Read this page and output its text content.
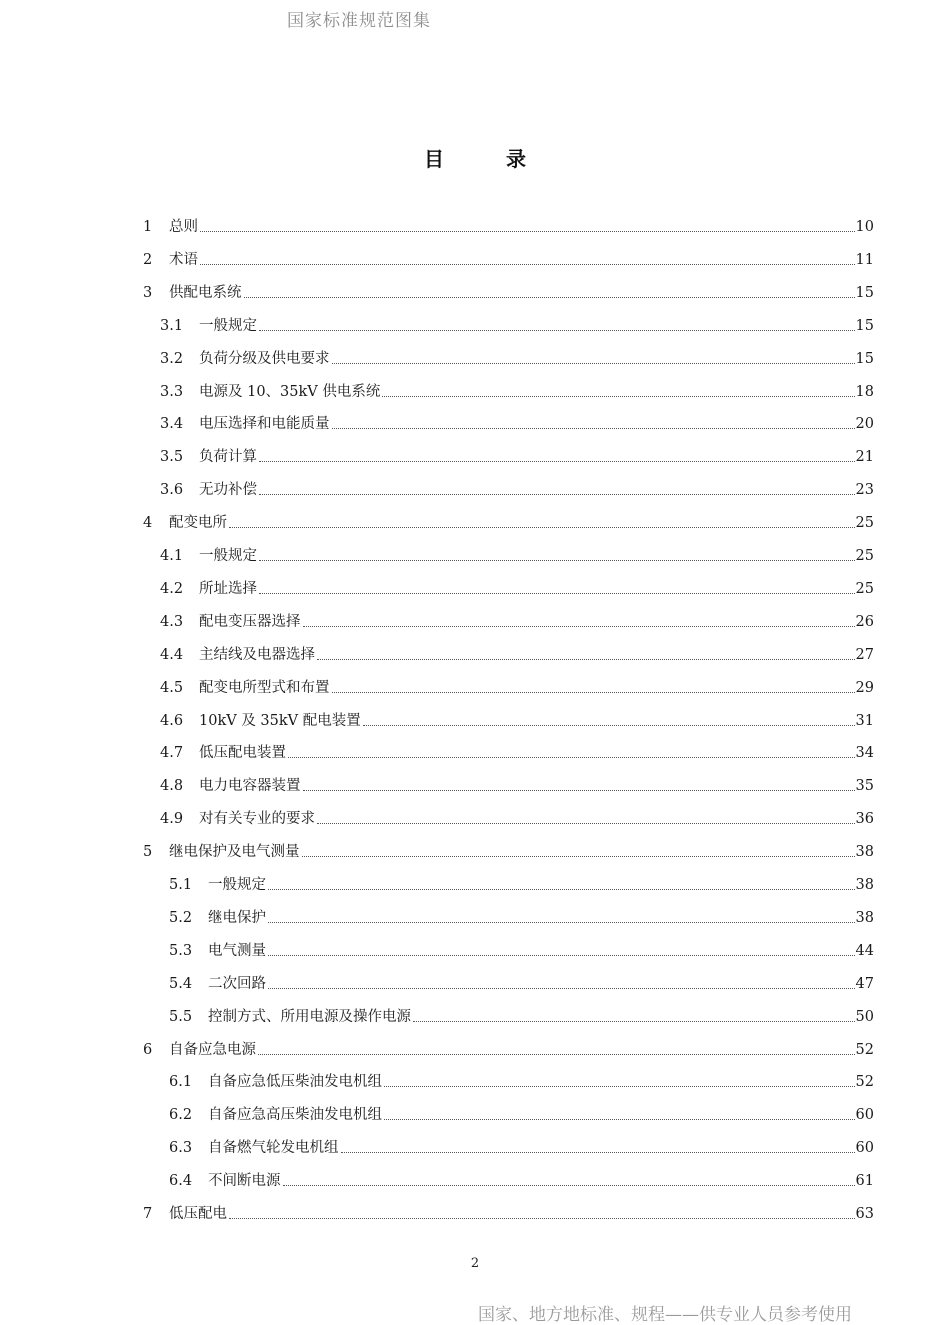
国家标准规范图集
目	录
1	总则	10
2	术语	11
3	供配电系统	15
3.1	一般规定	15
3.2	负荷分级及供电要求	15
3.3	电源及 10、35kV 供电系统	18
3.4	电压选择和电能质量	20
3.5	负荷计算	21
3.6	无功补偿	23
4	配变电所	25
4.1	一般规定	25
4.2	所址选择	25
4.3	配电变压器选择	26
4.4	主结线及电器选择	27
4.5	配变电所型式和布置	29
4.6	10kV 及 35kV 配电装置	31
4.7	低压配电装置	34
4.8	电力电容器装置	35
4.9	对有关专业的要求	36
5	继电保护及电气测量	38
5.1	一般规定	38
5.2	继电保护	38
5.3	电气测量	44
5.4	二次回路	47
5.5	控制方式、所用电源及操作电源	50
6	自备应急电源	52
6.1	自备应急低压柴油发电机组	52
6.2	自备应急高压柴油发电机组	60
6.3	自备燃气轮发电机组	60
6.4	不间断电源	61
7	低压配电	63
2
国家、地方地标准、规程——供专业人员参考使用
